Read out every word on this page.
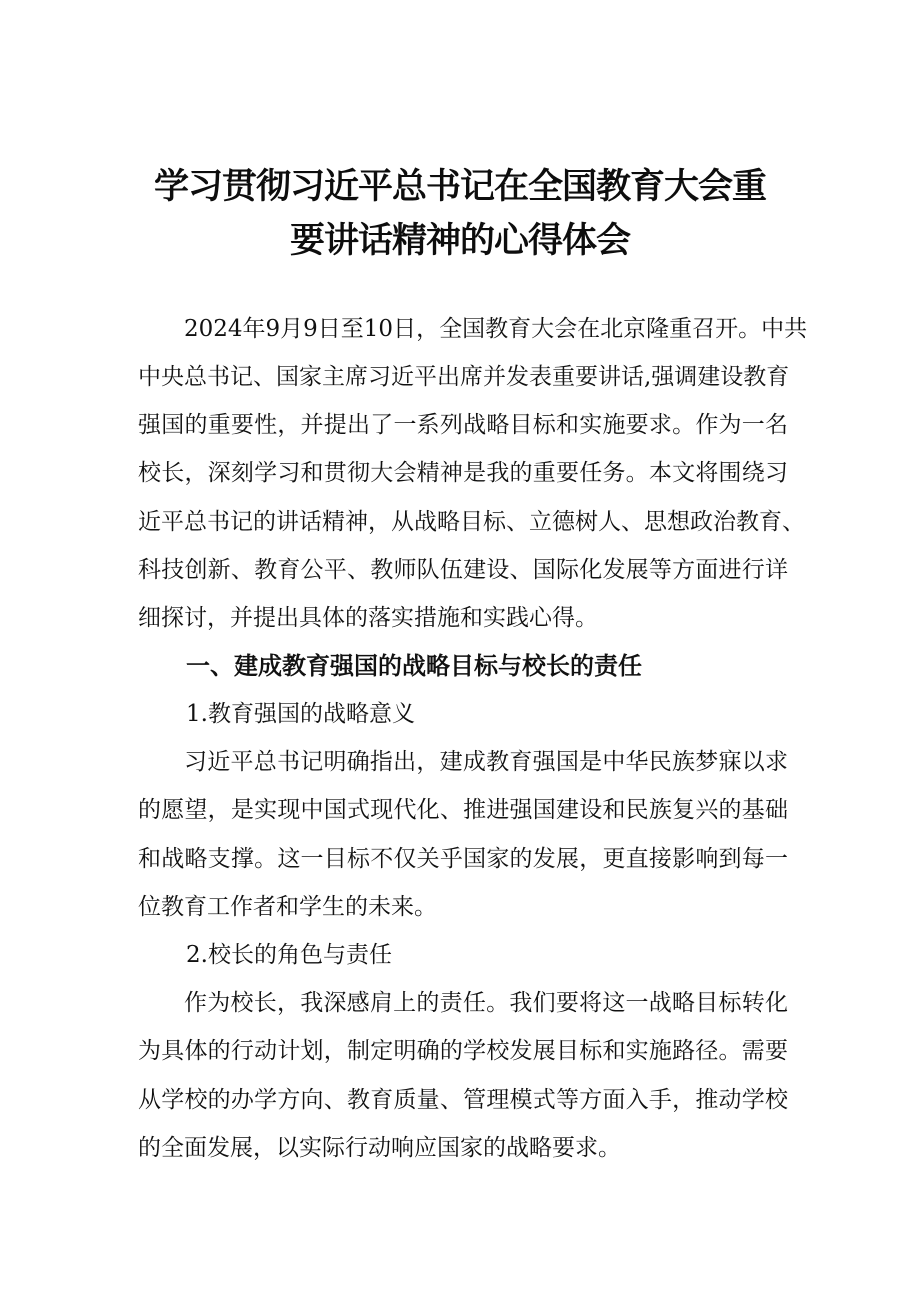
学习贯彻习近平总书记在全国教育大会重
要讲话精神的心得体会

2024年9月9日至10日，全国教育大会在北京隆重召开。中共

中央总书记、国家主席习近平出席并发表重要讲话,强调建设教育

强国的重要性，并提出了一系列战略目标和实施要求。作为一名

校长，深刻学习和贯彻大会精神是我的重要任务。本文将围绕习

近平总书记的讲话精神，从战略目标、立德树人、思想政治教育、

科技创新、教育公平、教师队伍建设、国际化发展等方面进行详

细探讨，并提出具体的落实措施和实践心得。

一、建成教育强国的战略目标与校长的责任

1.教育强国的战略意义

习近平总书记明确指出，建成教育强国是中华民族梦寐以求

的愿望，是实现中国式现代化、推进强国建设和民族复兴的基础

和战略支撑。这一目标不仅关乎国家的发展，更直接影响到每一

位教育工作者和学生的未来。

2.校长的角色与责任

作为校长，我深感肩上的责任。我们要将这一战略目标转化

为具体的行动计划，制定明确的学校发展目标和实施路径。需要

从学校的办学方向、教育质量、管理模式等方面入手，推动学校

的全面发展，以实际行动响应国家的战略要求。
